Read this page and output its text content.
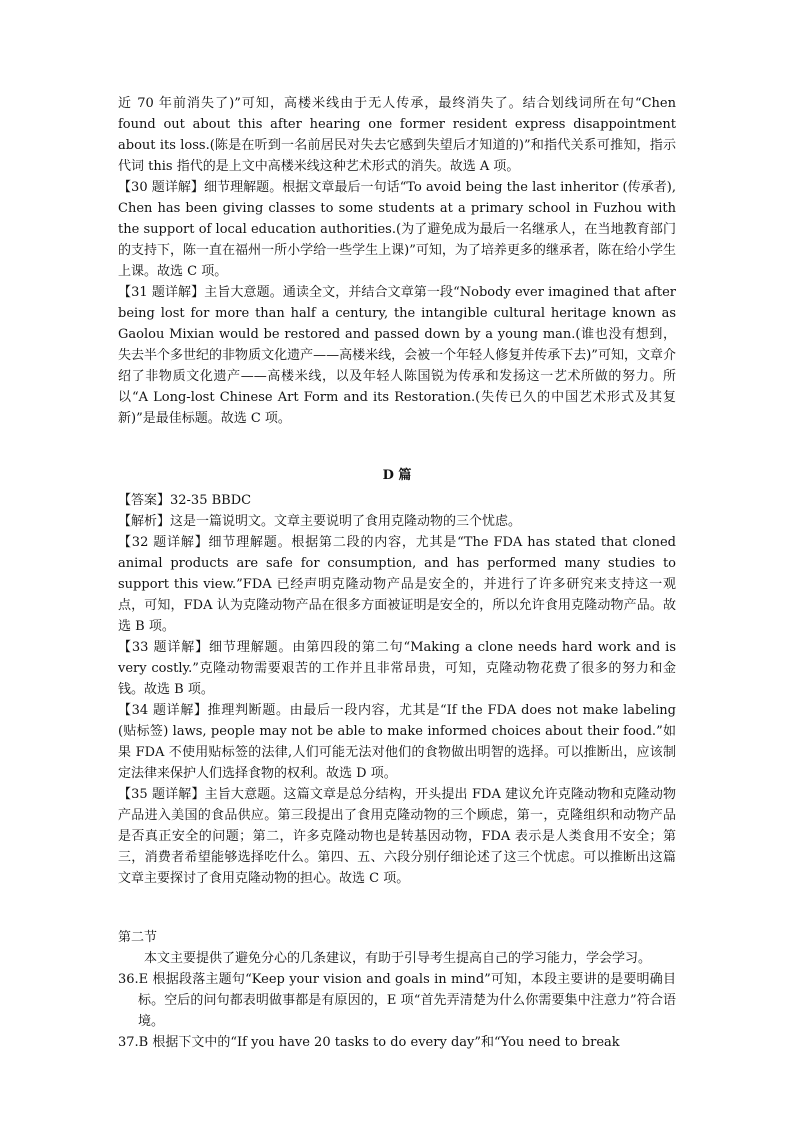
近 70 年前消失了)”可知，高楼米线由于无人传承，最终消失了。结合划线词所在句“Chen found out about this after hearing one former resident express disappointment about its loss.(陈是在听到一名前居民对失去它感到失望后才知道的)”和指代关系可推知，指示代词 this 指代的是上文中高楼米线这种艺术形式的消失。故选 A 项。

【30 题详解】细节理解题。根据文章最后一句话“To avoid being the last inheritor (传承者), Chen has been giving classes to some students at a primary school in Fuzhou with the support of local education authorities.(为了避免成为最后一名继承人，在当地教育部门的支持下，陈一直在福州一所小学给一些学生上课)”可知，为了培养更多的继承者，陈在给小学生上课。故选 C 项。

【31 题详解】主旨大意题。通读全文，并结合文章第一段“Nobody ever imagined that after being lost for more than half a century, the intangible cultural heritage known as Gaolou Mixian would be restored and passed down by a young man.(谁也没有想到，失去半个多世纪的非物质文化遗产——高楼米线，会被一个年轻人修复并传承下去)”可知，文章介绍了非物质文化遗产——高楼米线，以及年轻人陈国锐为传承和发扬这一艺术所做的努力。所以“A Long-lost Chinese Art Form and its Restoration.(失传已久的中国艺术形式及其复新)”是最佳标题。故选 C 项。

D 篇

【答案】32-35 BBDC

【解析】这是一篇说明文。文章主要说明了食用克隆动物的三个忧虑。

【32 题详解】细节理解题。根据第二段的内容，尤其是“The FDA has stated that cloned animal products are safe for consumption, and has performed many studies to support this view.”FDA 已经声明克隆动物产品是安全的，并进行了许多研究来支持这一观点，可知，FDA 认为克隆动物产品在很多方面被证明是安全的，所以允许食用克隆动物产品。故选 B 项。

【33 题详解】细节理解题。由第四段的第二句“Making a clone needs hard work and is very costly.”克隆动物需要艰苦的工作并且非常昂贵，可知，克隆动物花费了很多的努力和金钱。故选 B 项。

【34 题详解】推理判断题。由最后一段内容，尤其是“If the FDA does not make labeling (贴标签) laws, people may not be able to make informed choices about their food.”如果 FDA 不使用贴标签的法律,人们可能无法对他们的食物做出明智的选择。可以推断出，应该制定法律来保护人们选择食物的权利。故选 D 项。

【35 题详解】主旨大意题。这篇文章是总分结构，开头提出 FDA 建议允许克隆动物和克隆动物产品进入美国的食品供应。第三段提出了食用克隆动物的三个顾虑，第一，克隆组织和动物产品是否真正安全的问题；第二，许多克隆动物也是转基因动物，FDA 表示是人类食用不安全；第三，消费者希望能够选择吃什么。第四、五、六段分别仔细论述了这三个忧虑。可以推断出这篇文章主要探讨了食用克隆动物的担心。故选 C 项。

第二节

本文主要提供了避免分心的几条建议，有助于引导考生提高自己的学习能力，学会学习。

36.E 根据段落主题句“Keep your vision and goals in mind”可知，本段主要讲的是要明确目标。空后的问句都表明做事都是有原因的，E 项“首先弄清楚为什么你需要集中注意力”符合语境。

37.B 根据下文中的“If you have 20 tasks to do every day”和“You need to break
